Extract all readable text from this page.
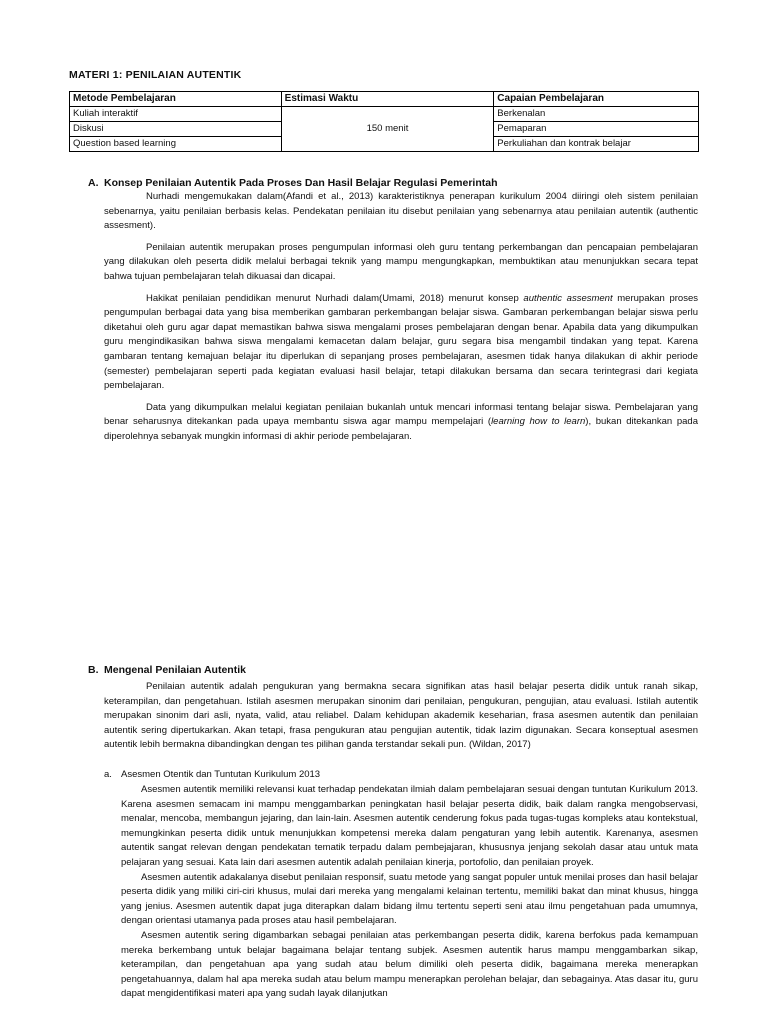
MATERI 1: PENILAIAN AUTENTIK
Metode Pembelajaran	Estimasi Waktu	Capaian Pembelajaran
Kuliah interaktif	150 menit	Berkenalan
Diskusi		Pemaparan
Question based learning		Perkuliahan dan kontrak belajar
A. Konsep Penilaian Autentik Pada Proses Dan Hasil Belajar Regulasi Pemerintah

Nurhadi mengemukakan dalam(Afandi et al., 2013) karakteristiknya penerapan kurikulum 2004 diiringi oleh sistem penilaian sebenarnya, yaitu penilaian berbasis kelas. Pendekatan penilaian itu disebut penilaian yang sebenarnya atau penilaian autentik (authentic assesment).

Penilaian autentik merupakan proses pengumpulan informasi oleh guru tentang perkembangan dan pencapaian pembelajaran yang dilakukan oleh peserta didik melalui berbagai teknik yang mampu mengungkapkan, membuktikan atau menunjukkan secara tepat bahwa tujuan pembelajaran telah dikuasai dan dicapai.

Hakikat penilaian pendidikan menurut Nurhadi dalam(Umami, 2018) menurut konsep authentic assesment merupakan proses pengumpulan berbagai data yang bisa memberikan gambaran perkembangan belajar siswa. Gambaran perkembangan belajar siswa perlu diketahui oleh guru agar dapat memastikan bahwa siswa mengalami proses pembelajaran dengan benar. Apabila data yang dikumpulkan guru mengindikasikan bahwa siswa mengalami kemacetan dalam belajar, guru segara bisa mengambil tindakan yang tepat. Karena gambaran tentang kemajuan belajar itu diperlukan di sepanjang proses pembelajaran, asesmen tidak hanya dilakukan di akhir periode (semester) pembelajaran seperti pada kegiatan evaluasi hasil belajar, tetapi dilakukan bersama dan secara terintegrasi dari kegiata pembelajaran.

Data yang dikumpulkan melalui kegiatan penilaian bukanlah untuk mencari informasi tentang belajar siswa. Pembelajaran yang benar seharusnya ditekankan pada upaya membantu siswa agar mampu mempelajari (learning how to learn), bukan ditekankan pada diperolehnya sebanyak mungkin informasi di akhir periode pembelajaran.

B. Mengenal Penilaian Autentik

Penilaian autentik adalah pengukuran yang bermakna secara signifikan atas hasil belajar peserta didik untuk ranah sikap, keterampilan, dan pengetahuan. Istilah asesmen merupakan sinonim dari penilaian, pengukuran, pengujian, atau evaluasi. Istilah autentik merupakan sinonim dari asli, nyata, valid, atau reliabel. Dalam kehidupan akademik keseharian, frasa asesmen autentik dan penilaian autentik sering dipertukarkan. Akan tetapi, frasa pengukuran atau pengujian autentik, tidak lazim digunakan. Secara konseptual asesmen autentik lebih bermakna dibandingkan dengan tes pilihan ganda terstandar sekali pun. (Wildan, 2017)

a. Asesmen Otentik dan Tuntutan Kurikulum 2013

Asesmen autentik memiliki relevansi kuat terhadap pendekatan ilmiah dalam pembelajaran sesuai dengan tuntutan Kurikulum 2013. Karena asesmen semacam ini mampu menggambarkan peningkatan hasil belajar peserta didik, baik dalam rangka mengobservasi, menalar, mencoba, membangun jejaring, dan lain-lain. Asesmen autentik cenderung fokus pada tugas-tugas kompleks atau kontekstual, memungkinkan peserta didik untuk menunjukkan kompetensi mereka dalam pengaturan yang lebih autentik. Karenanya, asesmen autentik sangat relevan dengan pendekatan tematik terpadu dalam pembejajaran, khususnya jenjang sekolah dasar atau untuk mata pelajaran yang sesuai. Kata lain dari asesmen autentik adalah penilaian kinerja, portofolio, dan penilaian proyek.

Asesmen autentik adakalanya disebut penilaian responsif, suatu metode yang sangat populer untuk menilai proses dan hasil belajar peserta didik yang miliki ciri-ciri khusus, mulai dari mereka yang mengalami kelainan tertentu, memiliki bakat dan minat khusus, hingga yang jenius. Asesmen autentik dapat juga diterapkan dalam bidang ilmu tertentu seperti seni atau ilmu pengetahuan pada umumnya, dengan orientasi utamanya pada proses atau hasil pembelajaran.

Asesmen autentik sering digambarkan sebagai penilaian atas perkembangan peserta didik, karena berfokus pada kemampuan mereka berkembang untuk belajar bagaimana belajar tentang subjek. Asesmen autentik harus mampu menggambarkan sikap, keterampilan, dan pengetahuan apa yang sudah atau belum dimiliki oleh peserta didik, bagaimana mereka menerapkan pengetahuannya, dalam hal apa mereka sudah atau belum mampu menerapkan perolehan belajar, dan sebagainya. Atas dasar itu, guru dapat mengidentifikasi materi apa yang sudah layak dilanjutkan
